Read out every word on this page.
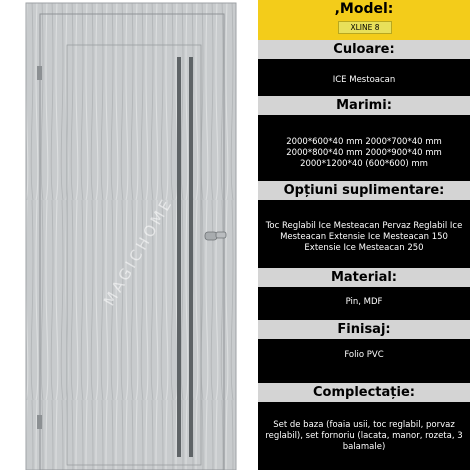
MAGICHOME
,Model:
XLINE 8
Culoare:
ICE Mestoacan
Marimi:
2000*600*40 mm 2000*700*40 mm 2000*800*40 mm 2000*900*40 mm 2000*1200*40 (600*600) mm
Opțiuni suplimentare:
Toc Reglabil Ice Mesteacan Pervaz Reglabil Ice Mesteacan Extensie Ice Mesteacan 150 Extensie Ice Mesteacan 250
Material:
Pin, MDF
Finisaj:
Folio PVC
Complectație:
Set de baza (foaia usii, toc reglabil, porvaz reglabil), set fornoriu (lacata, manor, rozeta, 3 balamale)
